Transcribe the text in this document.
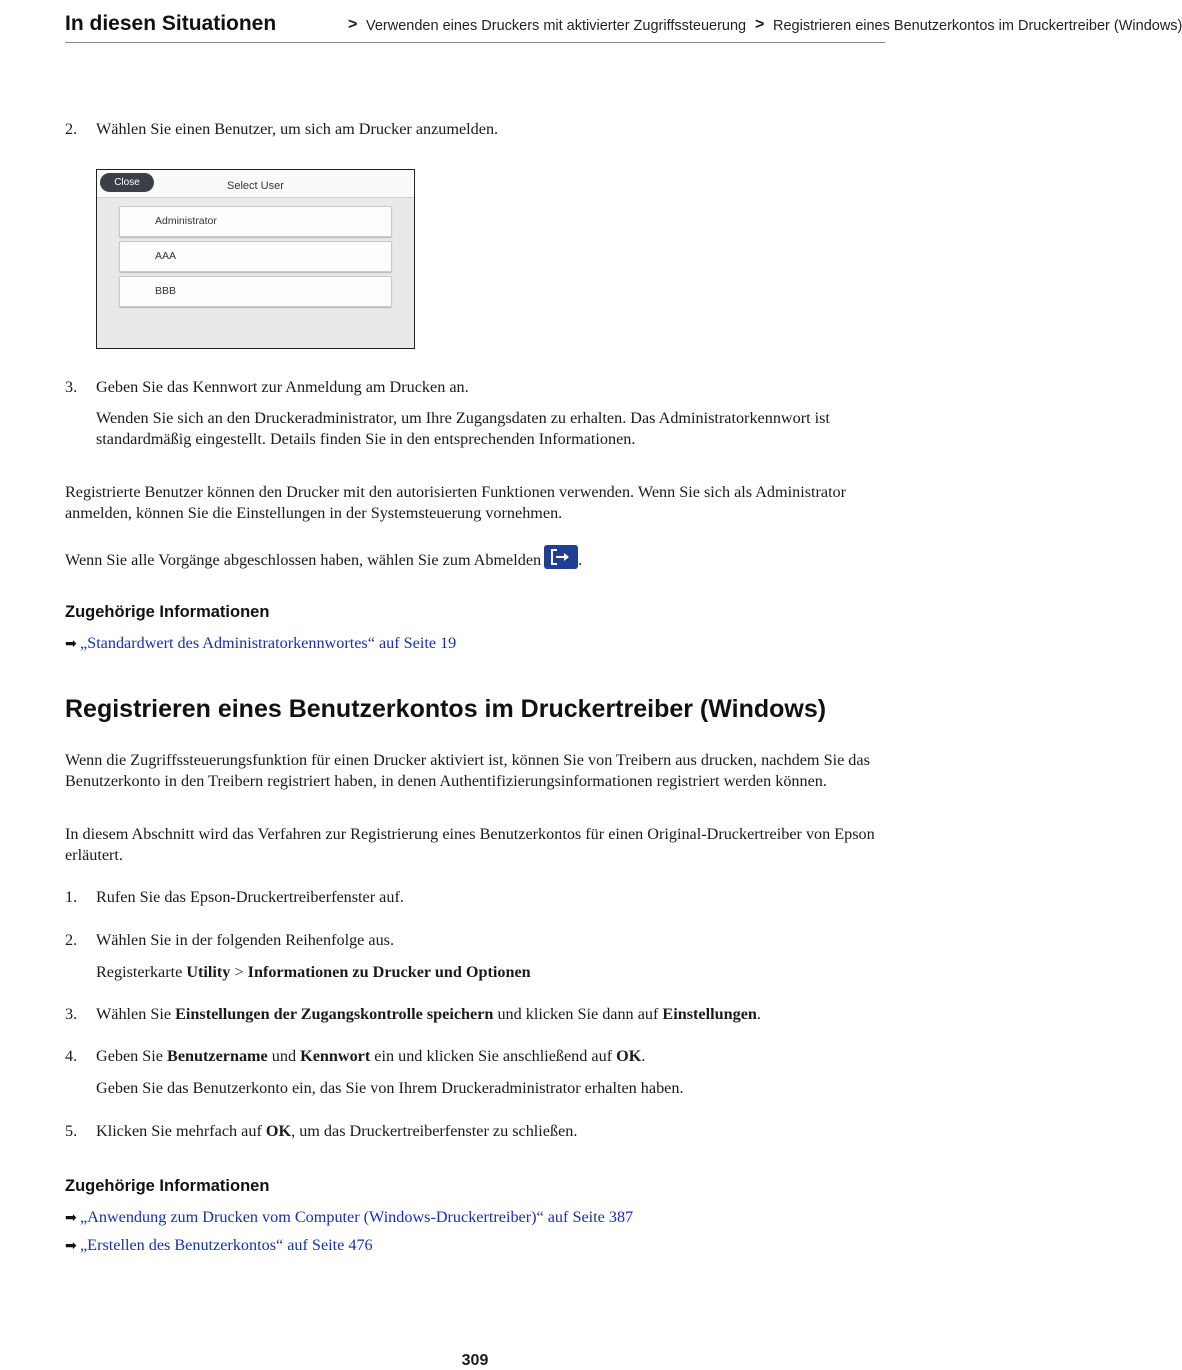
In diesen Situationen	> Verwenden eines Druckers mit aktivierter Zugriffssteuerung > Registrieren eines Benutzerkontos im Druckertreiber (Windows)
2. Wählen Sie einen Benutzer, um sich am Drucker anzumelden.
Close	Select User
Administrator
AAA
BBB
3. Geben Sie das Kennwort zur Anmeldung am Drucken an.
Wenden Sie sich an den Druckeradministrator, um Ihre Zugangsdaten zu erhalten. Das Administratorkennwort ist standardmäßig eingestellt. Details finden Sie in den entsprechenden Informationen.
Registrierte Benutzer können den Drucker mit den autorisierten Funktionen verwenden. Wenn Sie sich als Administrator anmelden, können Sie die Einstellungen in der Systemsteuerung vornehmen.
Wenn Sie alle Vorgänge abgeschlossen haben, wählen Sie zum Abmelden .
Zugehörige Informationen
➡ „Standardwert des Administratorkennwortes“ auf Seite 19
Registrieren eines Benutzerkontos im Druckertreiber (Windows)
Wenn die Zugriffssteuerungsfunktion für einen Drucker aktiviert ist, können Sie von Treibern aus drucken, nachdem Sie das Benutzerkonto in den Treibern registriert haben, in denen Authentifizierungsinformationen registriert werden können.
In diesem Abschnitt wird das Verfahren zur Registrierung eines Benutzerkontos für einen Original-Druckertreiber von Epson erläutert.
1. Rufen Sie das Epson-Druckertreiberfenster auf.
2. Wählen Sie in der folgenden Reihenfolge aus.
Registerkarte Utility > Informationen zu Drucker und Optionen
3. Wählen Sie Einstellungen der Zugangskontrolle speichern und klicken Sie dann auf Einstellungen.
4. Geben Sie Benutzername und Kennwort ein und klicken Sie anschließend auf OK.
Geben Sie das Benutzerkonto ein, das Sie von Ihrem Druckeradministrator erhalten haben.
5. Klicken Sie mehrfach auf OK, um das Druckertreiberfenster zu schließen.
Zugehörige Informationen
➡ „Anwendung zum Drucken vom Computer (Windows-Druckertreiber)“ auf Seite 387
➡ „Erstellen des Benutzerkontos“ auf Seite 476
309
